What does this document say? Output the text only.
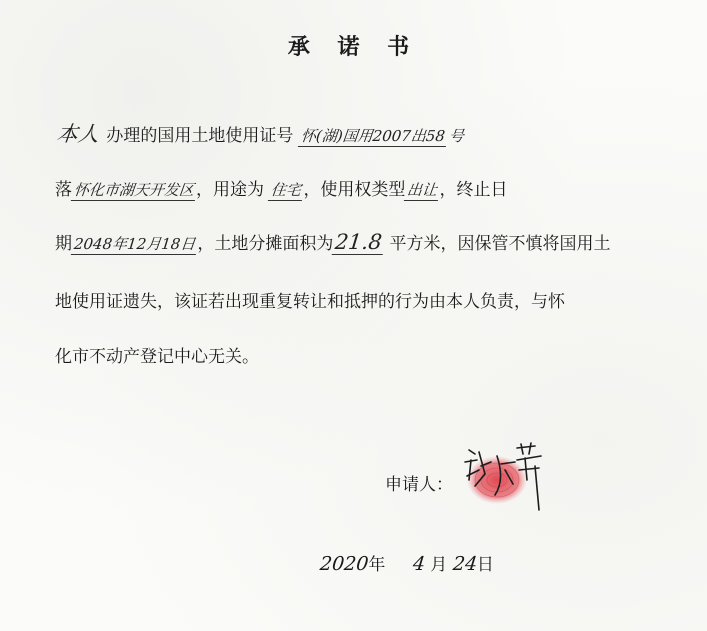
承 诺 书
本人 办理的国用土地使用证号 怀(湖)国用2007出58 号
落怀化市湖天开发区，用途为 住宅，使用权类型出让，终止日
期2048年12月18日，土地分摊面积为21.8 平方米，因保管不慎将国用土
地使用证遗失，该证若出现重复转让和抵押的行为由本人负责，与怀
化市不动产登记中心无关。
申请人：
2020年 4 月 24日
